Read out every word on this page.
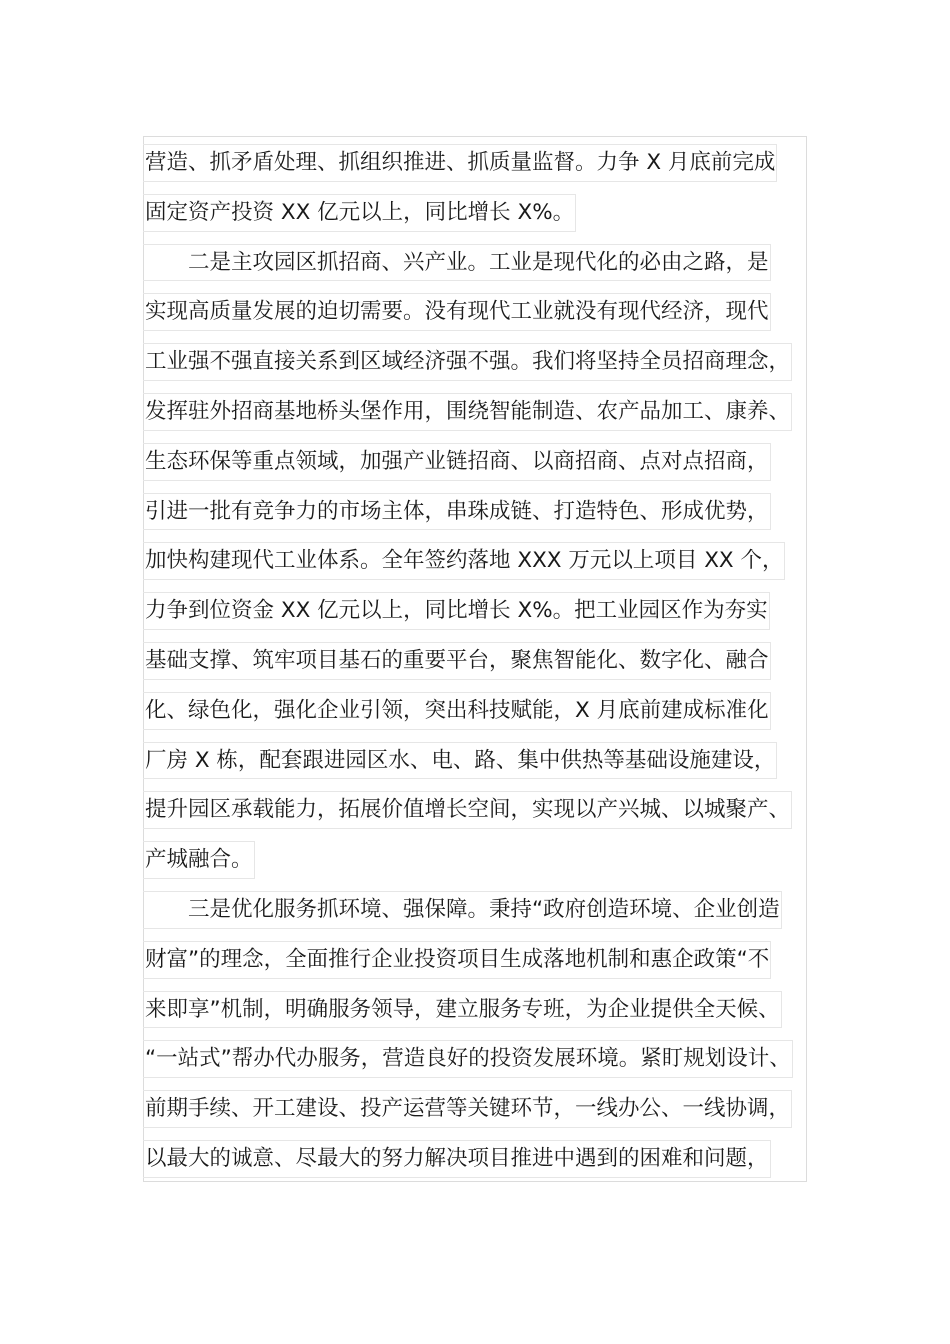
营造、抓矛盾处理、抓组织推进、抓质量监督。力争 X 月底前完成
固定资产投资 XX 亿元以上，同比增长 X%。
二是主攻园区抓招商、兴产业。工业是现代化的必由之路，是
实现高质量发展的迫切需要。没有现代工业就没有现代经济，现代
工业强不强直接关系到区域经济强不强。我们将坚持全员招商理念，
发挥驻外招商基地桥头堡作用，围绕智能制造、农产品加工、康养、
生态环保等重点领域，加强产业链招商、以商招商、点对点招商，
引进一批有竞争力的市场主体，串珠成链、打造特色、形成优势，
加快构建现代工业体系。全年签约落地 XXX 万元以上项目 XX 个，
力争到位资金 XX 亿元以上，同比增长 X%。把工业园区作为夯实
基础支撑、筑牢项目基石的重要平台，聚焦智能化、数字化、融合
化、绿色化，强化企业引领，突出科技赋能，X 月底前建成标准化
厂房 X 栋，配套跟进园区水、电、路、集中供热等基础设施建设，
提升园区承载能力，拓展价值增长空间，实现以产兴城、以城聚产、
产城融合。
三是优化服务抓环境、强保障。秉持“政府创造环境、企业创造
财富”的理念，全面推行企业投资项目生成落地机制和惠企政策“不
来即享”机制，明确服务领导，建立服务专班，为企业提供全天候、
“一站式”帮办代办服务，营造良好的投资发展环境。紧盯规划设计、
前期手续、开工建设、投产运营等关键环节，一线办公、一线协调，
以最大的诚意、尽最大的努力解决项目推进中遇到的困难和问题，
